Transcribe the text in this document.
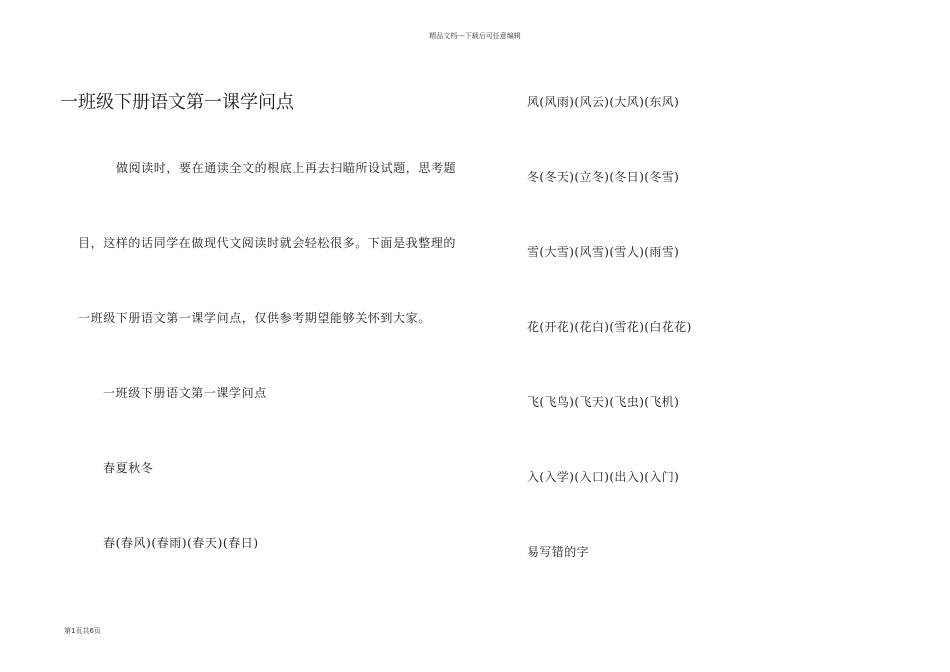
精品文档---下载后可任意编辑
一班级下册语文第一课学问点
做阅读时，要在通读全文的根底上再去扫瞄所设试题，思考题
目，这样的话同学在做现代文阅读时就会轻松很多。下面是我整理的
一班级下册语文第一课学问点，仅供参考期望能够关怀到大家。
一班级下册语文第一课学问点
春夏秋冬
春(春风)(春雨)(春天)(春日)
风(风雨)(风云)(大风)(东风)
冬(冬天)(立冬)(冬日)(冬雪)
雪(大雪)(风雪)(雪人)(雨雪)
花(开花)(花白)(雪花)(白花花)
飞(飞鸟)(飞天)(飞虫)(飞机)
入(入学)(入口)(出入)(入门)
易写错的字
第1页共6页
